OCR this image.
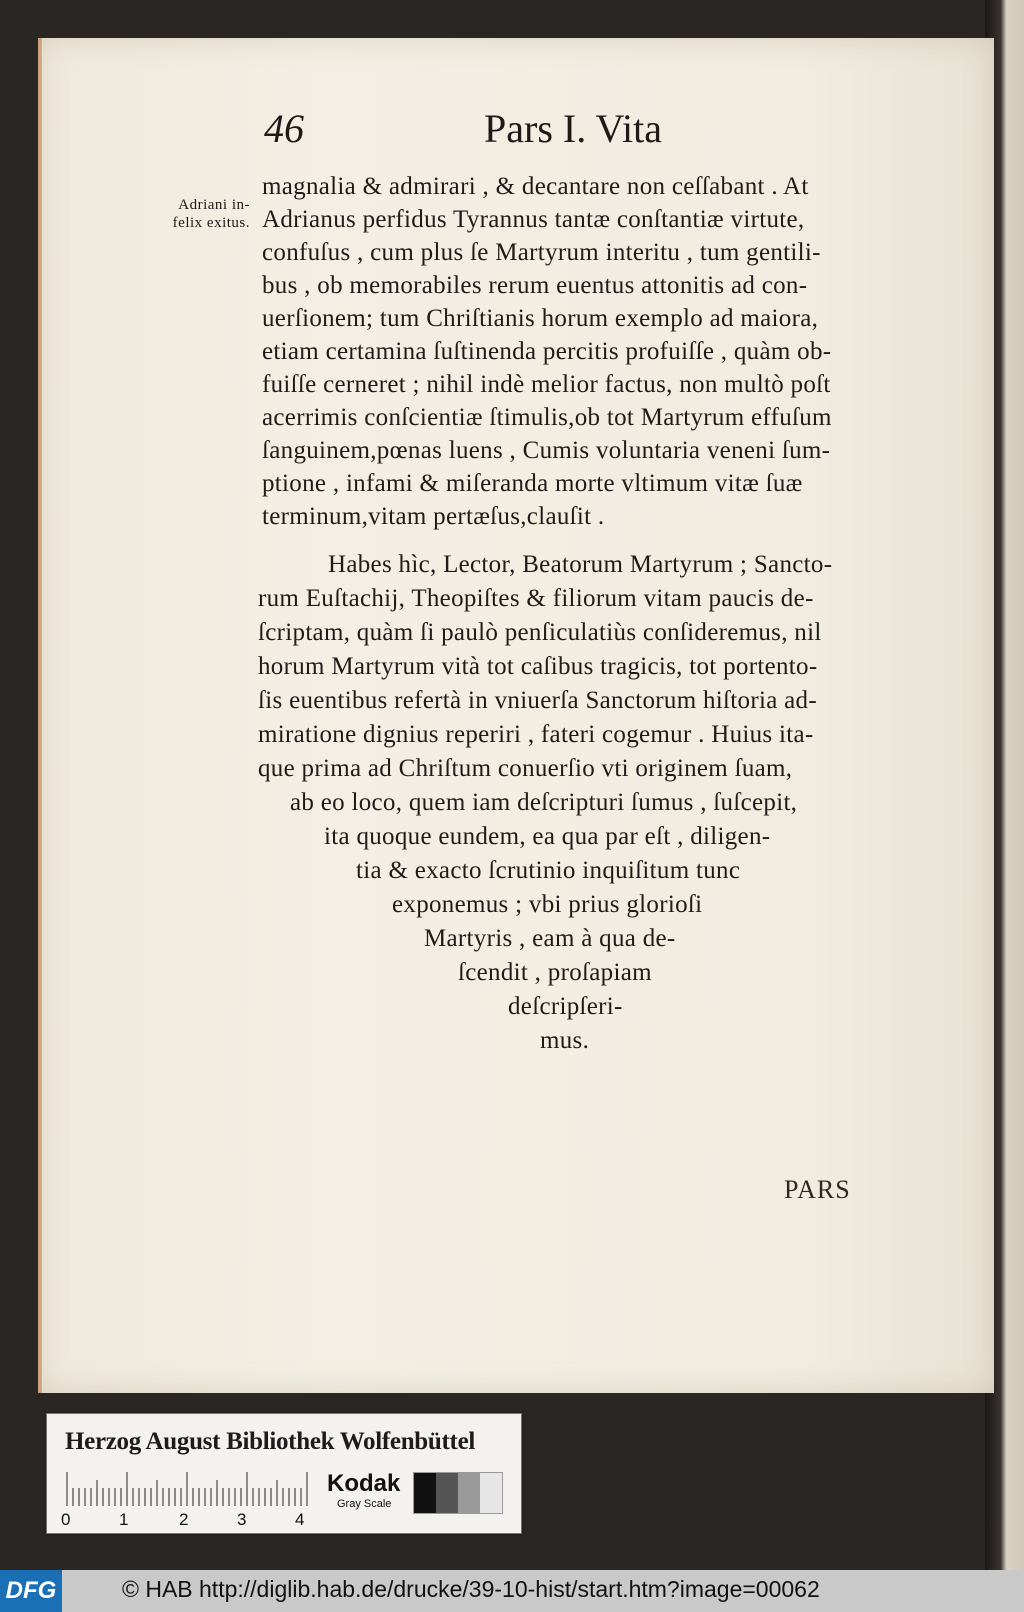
46	Pars I. Vita
Adriani in-
felix exitus.
magnalia & admirari , & decantare non ceſſabant . At
Adrianus perfidus Tyrannus tantæ conſtantiæ virtute,
confuſus , cum plus ſe Martyrum interitu , tum gentili-
bus , ob memorabiles rerum euentus attonitis ad con-
uerſionem; tum Chriſtianis horum exemplo ad maiora,
etiam certamina ſuſtinenda percitis profuiſſe , quàm ob-
fuiſſe cerneret ; nihil indè melior factus, non multò poſt
acerrimis conſcientiæ ſtimulis,ob tot Martyrum effuſum
ſanguinem,pœnas luens , Cumis voluntaria veneni ſum-
ptione , infami & miſeranda morte vltimum vitæ ſuæ
terminum,vitam pertæſus,clauſit .
Habes hìc, Lector, Beatorum Martyrum ; Sancto-
rum Euſtachij, Theopiſtes & filiorum vitam paucis de-
ſcriptam, quàm ſi paulò penſiculatiùs conſideremus, nil
horum Martyrum vità tot caſibus tragicis, tot portento-
ſis euentibus refertà in vniuerſa Sanctorum hiſtoria ad-
miratione dignius reperiri , fateri cogemur . Huius ita-
que prima ad Chriſtum conuerſio vti originem ſuam,
ab eo loco, quem iam deſcripturi ſumus , ſuſcepit,
ita quoque eundem, ea qua par eſt , diligen-
tia & exacto ſcrutinio inquiſitum tunc
exponemus ; vbi prius glorioſi
Martyris , eam à qua de-
ſcendit , proſapiam
deſcripſeri-
mus.
PARS
Herzog August Bibliothek Wolfenbüttel
0	1	2	3	4
Kodak
Gray Scale
DFG	© HAB http://diglib.hab.de/drucke/39-10-hist/start.htm?image=00062
